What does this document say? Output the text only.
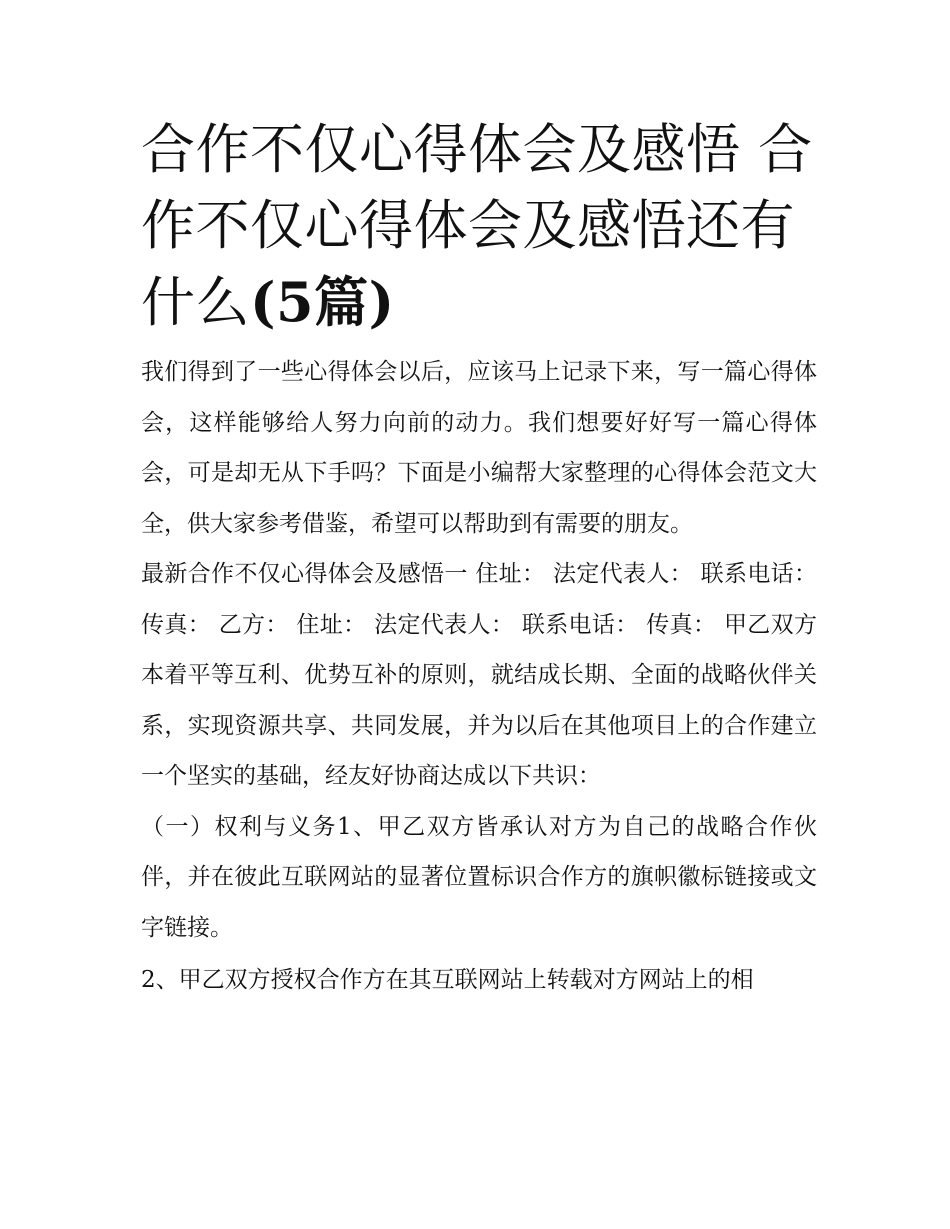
合作不仅心得体会及感悟 合作不仅心得体会及感悟还有什么(5篇)

我们得到了一些心得体会以后，应该马上记录下来，写一篇心得体会，这样能够给人努力向前的动力。我们想要好好写一篇心得体会，可是却无从下手吗？下面是小编帮大家整理的心得体会范文大全，供大家参考借鉴，希望可以帮助到有需要的朋友。

最新合作不仅心得体会及感悟一 住址： 法定代表人： 联系电话： 传真： 乙方： 住址： 法定代表人： 联系电话： 传真： 甲乙双方本着平等互利、优势互补的原则，就结成长期、全面的战略伙伴关系，实现资源共享、共同发展，并为以后在其他项目上的合作建立一个坚实的基础，经友好协商达成以下共识：

（一）权利与义务1、甲乙双方皆承认对方为自己的战略合作伙伴，并在彼此互联网站的显著位置标识合作方的旗帜徽标链接或文字链接。

2、甲乙双方授权合作方在其互联网站上转载对方网站上的相
